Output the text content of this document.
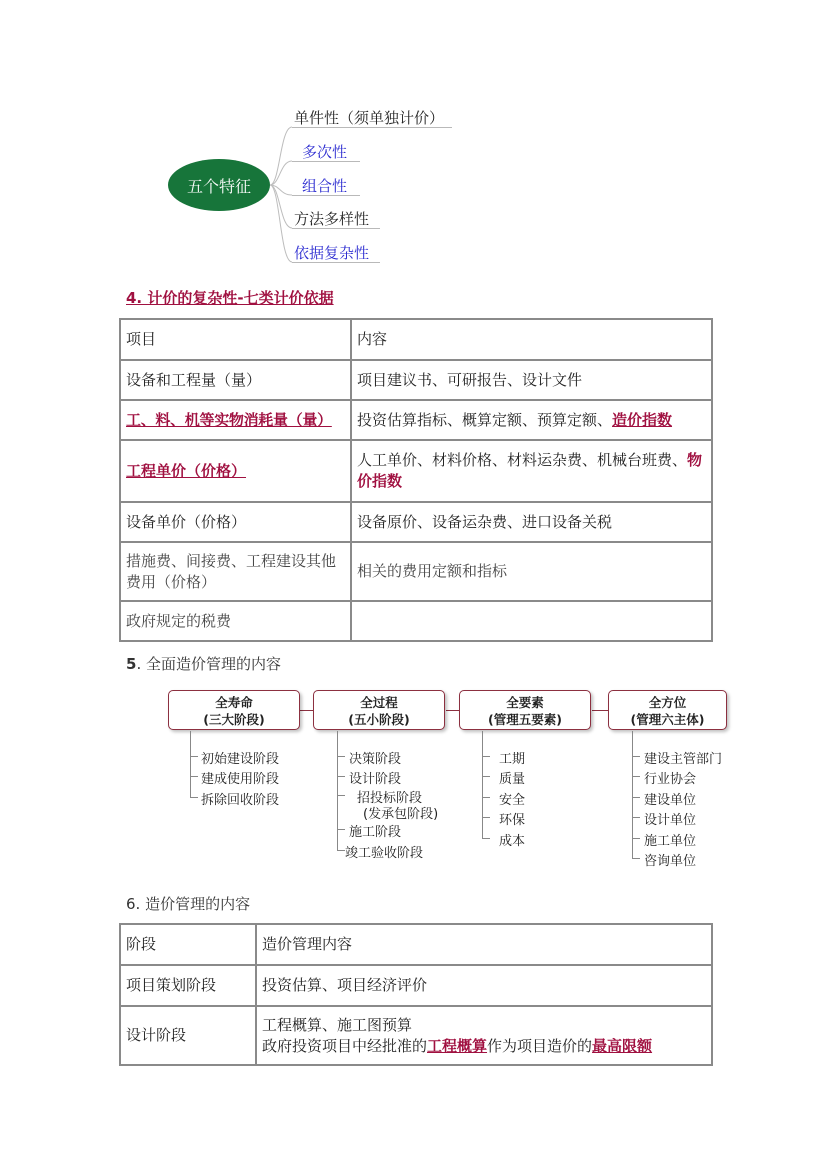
五个特征
单件性（须单独计价）
多次性
组合性
方法多样性
依据复杂性
4. 计价的复杂性-七类计价依据
项目	内容
设备和工程量（量）	项目建议书、可研报告、设计文件
工、料、机等实物消耗量（量）	投资估算指标、概算定额、预算定额、造价指数
工程单价（价格）	人工单价、材料价格、材料运杂费、机械台班费、物价指数
设备单价（价格）	设备原价、设备运杂费、进口设备关税
措施费、间接费、工程建设其他费用（价格）	相关的费用定额和指标
政府规定的税费	
5. 全面造价管理的内容
全寿命
(三大阶段)
全过程
(五小阶段)
全要素
(管理五要素)
全方位
(管理六主体)
初始建设阶段
建成使用阶段
拆除回收阶段
决策阶段
设计阶段
招投标阶段
(发承包阶段)
施工阶段
竣工验收阶段
工期
质量
安全
环保
成本
建设主管部门
行业协会
建设单位
设计单位
施工单位
咨询单位
6. 造价管理的内容
阶段	造价管理内容
项目策划阶段	投资估算、项目经济评价
设计阶段	工程概算、施工图预算
政府投资项目中经批准的工程概算作为项目造价的最高限额
